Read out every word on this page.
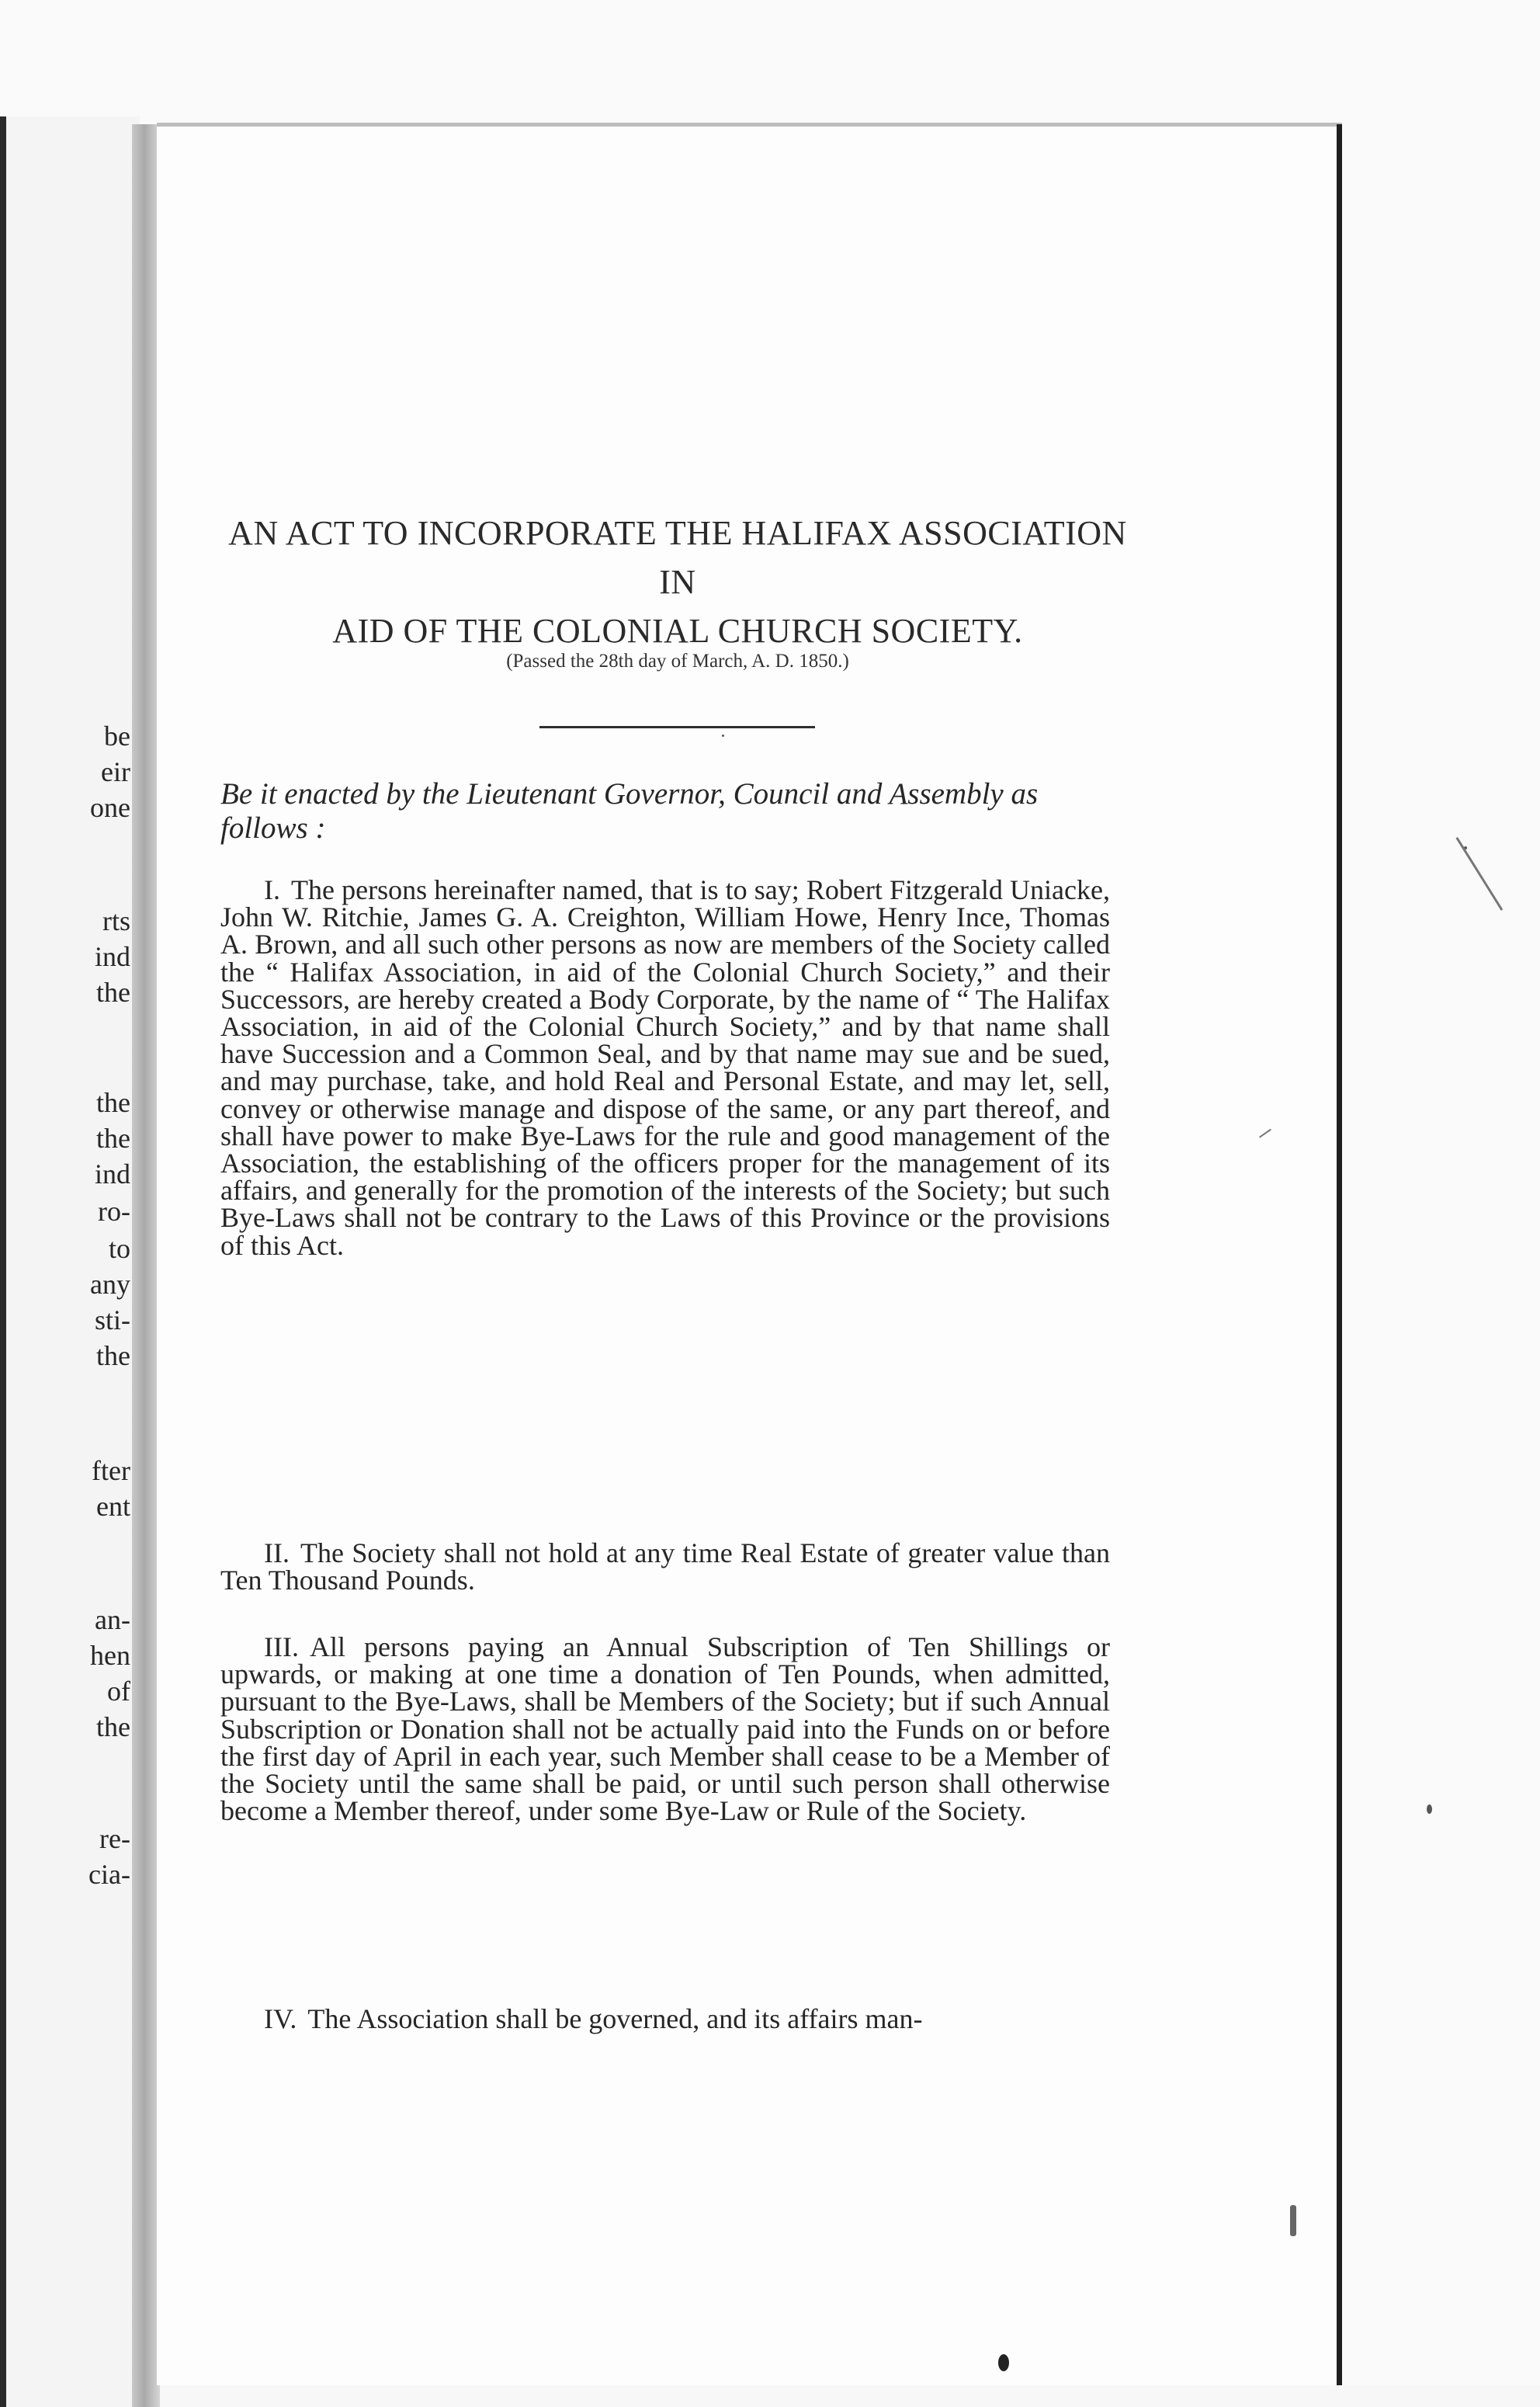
be
eir
one
rts
ind
the
the
the
ind
ro-
to
any
sti-
the
fter
ent
an-
hen
of
the
re-
cia-
AN ACT TO INCORPORATE THE HALIFAX ASSOCIATION IN
AID OF THE COLONIAL CHURCH SOCIETY.

(Passed the 28th day of March, A. D. 1850.)

Be it enacted by the Lieutenant Governor, Council and Assembly as follows :

I. The persons hereinafter named, that is to say; Robert Fitzgerald Uniacke, John W. Ritchie, James G. A. Creighton, William Howe, Henry Ince, Thomas A. Brown, and all such other persons as now are members of the Society called the “ Halifax Association, in aid of the Colonial Church Society,” and their Successors, are hereby created a Body Corporate, by the name of “ The Halifax Association, in aid of the Colonial Church Society,” and by that name shall have Succession and a Common Seal, and by that name may sue and be sued, and may purchase, take, and hold Real and Personal Estate, and may let, sell, convey or otherwise manage and dispose of the same, or any part thereof, and shall have power to make Bye-Laws for the rule and good management of the Association, the establishing of the officers proper for the management of its affairs, and generally for the promotion of the interests of the Society; but such Bye-Laws shall not be contrary to the Laws of this Province or the provisions of this Act.

II. The Society shall not hold at any time Real Estate of greater value than Ten Thousand Pounds.

III. All persons paying an Annual Subscription of Ten Shillings or upwards, or making at one time a donation of Ten Pounds, when admitted, pursuant to the Bye-Laws, shall be Members of the Society; but if such Annual Subscription or Donation shall not be actually paid into the Funds on or before the first day of April in each year, such Member shall cease to be a Member of the Society until the same shall be paid, or until such person shall otherwise become a Member thereof, under some Bye-Law or Rule of the Society.

IV. The Association shall be governed, and its affairs man-
